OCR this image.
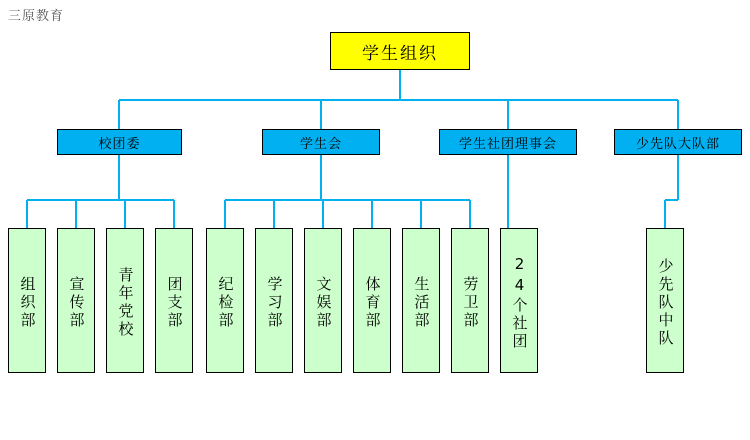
三原教育
学生组织
校团委	学生会	学生社团理事会	少先队大队部
组织部	宣传部	青年党校	团支部	纪检部	学习部	文娱部	体育部	生活部	劳卫部	24个社团	少先队中队
